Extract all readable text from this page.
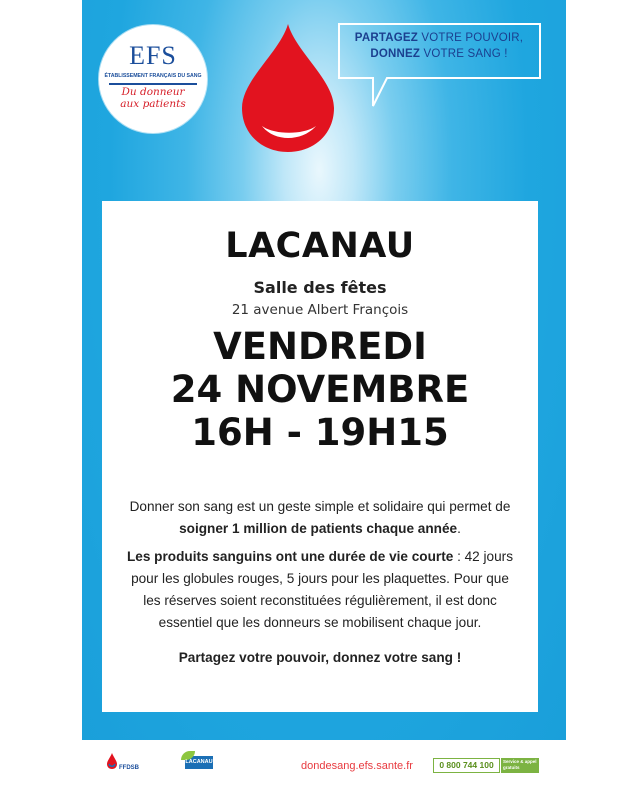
EFS
ÉTABLISSEMENT FRANÇAIS DU SANG
Du donneur
aux patients
PARTAGEZ VOTRE POUVOIR,
DONNEZ VOTRE SANG !
LACANAU
Salle des fêtes
21 avenue Albert François
VENDREDI
24 NOVEMBRE
16H - 19H15
Donner son sang est un geste simple et solidaire qui permet de soigner 1 million de patients chaque année.
Les produits sanguins ont une durée de vie courte : 42 jours pour les globules rouges, 5 jours pour les plaquettes. Pour que les réserves soient reconstituées régulièrement, il est donc essentiel que les donneurs se mobilisent chaque jour.
Partagez votre pouvoir, donnez votre sang !
FFDSB
LACANAU	dondesang.efs.sante.fr	0 800 744 100	Service & appel gratuits
